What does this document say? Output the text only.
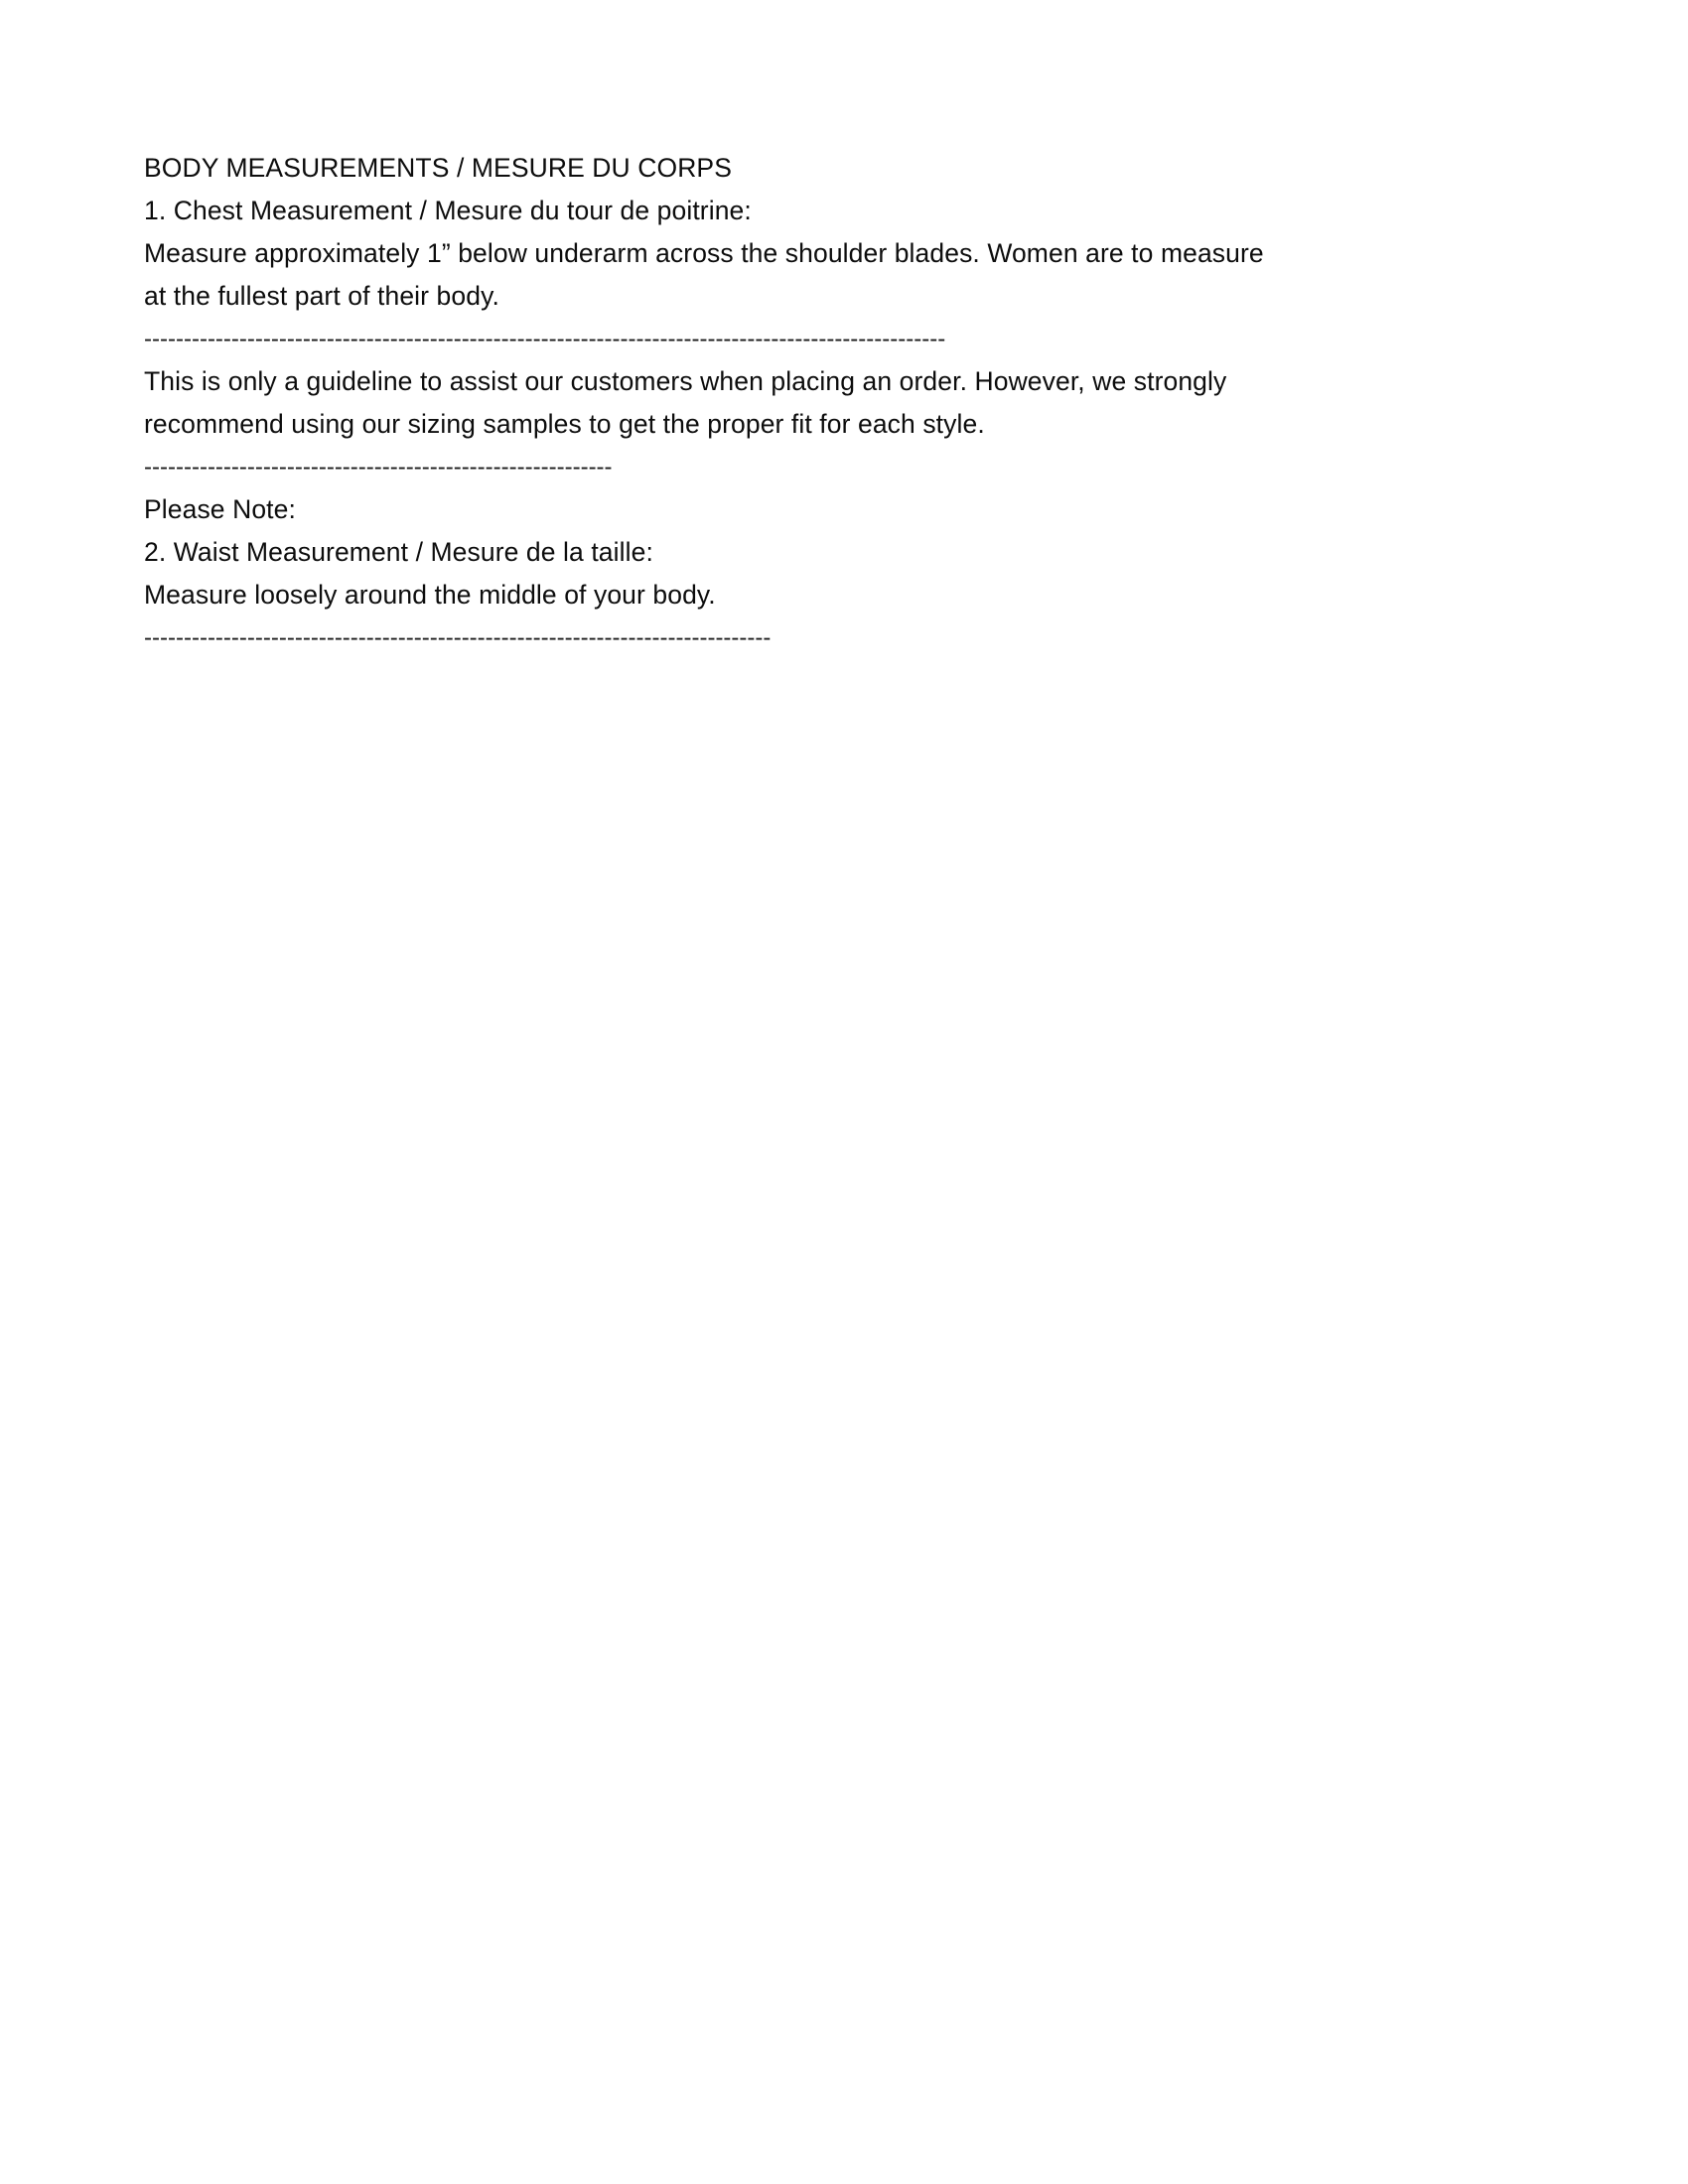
BODY MEASUREMENTS / MESURE DU CORPS
1. Chest Measurement / Mesure du tour de poitrine:
Measure approximately 1” below underarm across the shoulder blades. Women are to measure at the fullest part of their body.
-----------------------------------------------------------------------------------------------------
This is only a guideline to assist our customers when placing an order. However, we strongly recommend using our sizing samples to get the proper fit for each style.
-----------------------------------------------------------
Please Note:
2. Waist Measurement / Mesure de la taille:
Measure loosely around the middle of your body.
-------------------------------------------------------------------------------
